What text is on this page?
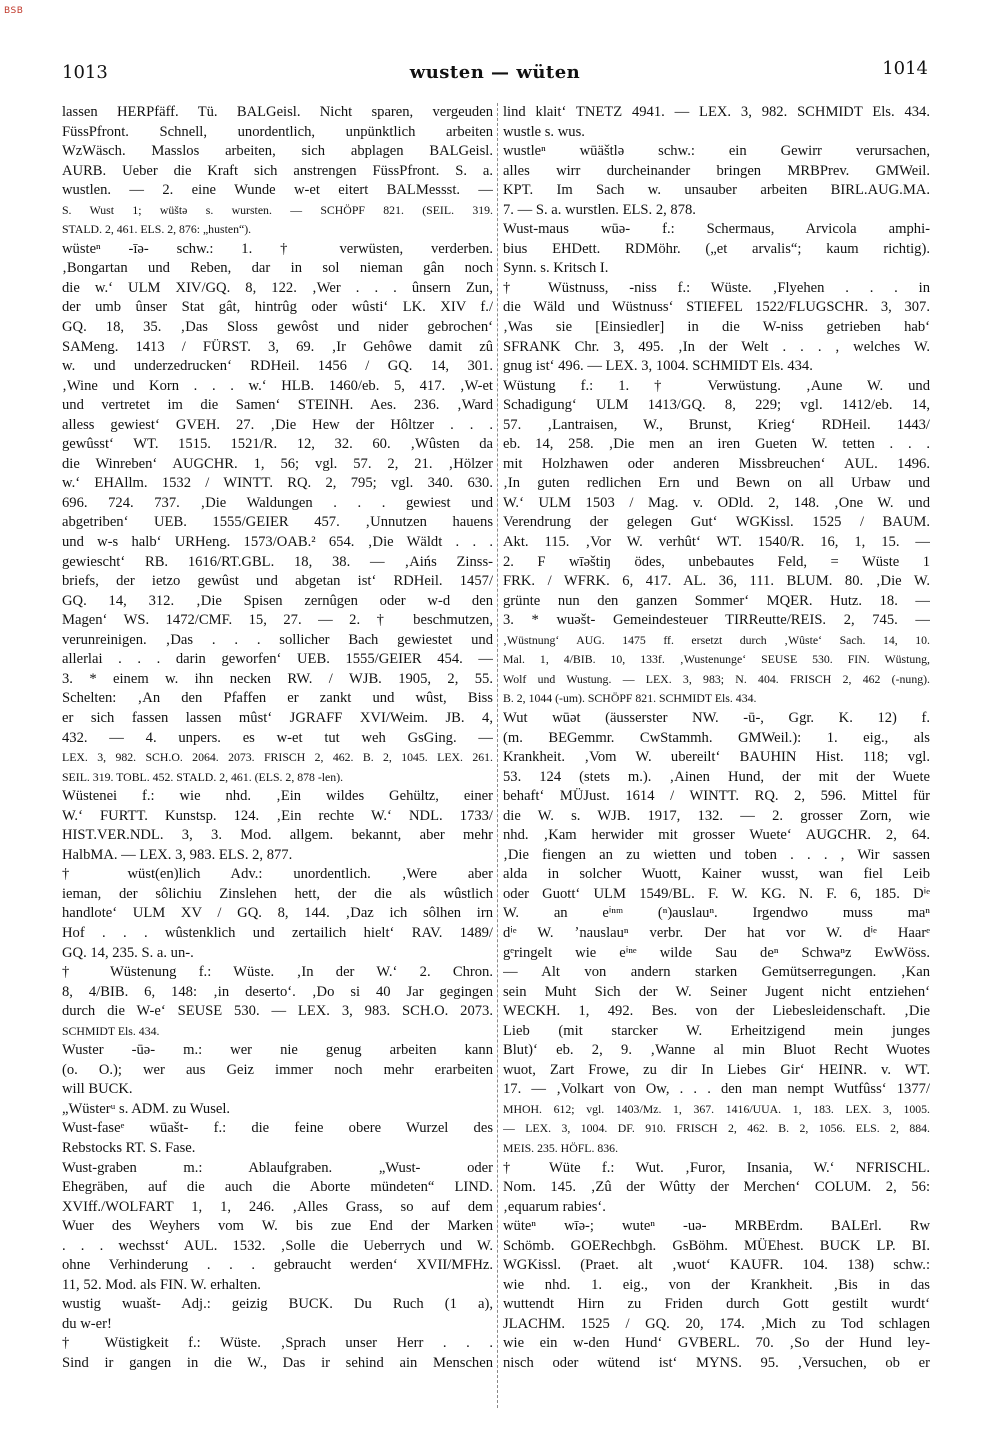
BSB
1013	wusten — wüten	1014
lassen HERPfäff. Tü. BALGeisl. Nicht sparen, vergeuden
FüssPfront. Schnell, unordentlich, unpünktlich arbeiten
WzWäsch. Masslos arbeiten, sich abplagen BALGeisl.
AURB. Ueber die Kraft sich anstrengen FüssPfront. S. a.
wustlen. — 2. eine Wunde w-et eitert BALMessst. —
S. Wust 1; wüštǝ s. wursten. — SCHÖPF 821. (SEIL. 319.
STALD. 2, 461. ELS. 2, 876: „husten“).
wüsteⁿ -īǝ- schw.: 1. † verwüsten, verderben.
‚Bongartan und Reben, dar in sol nieman gân noch
die w.‘ ULM XIV/GQ. 8, 122. ‚Wer . . . ûnsern Zun,
der umb ûnser Stat gât, hintrûg oder wûsti‘ LK. XIV f./
GQ. 18, 35. ‚Das Sloss gewôst und nider gebrochen‘
SAMeng. 1413 / FÜRST. 3, 69. ‚Ir Gehôwe damit zû
w. und underzedrucken‘ RDHeil. 1456 / GQ. 14, 301.
‚Wine und Korn . . . w.‘ HLB. 1460/eb. 5, 417. ‚W-et
und vertretet im die Samen‘ STEINH. Aes. 236. ‚Ward
alless gewiest‘ GVEH. 27. ‚Die Hew der Hôltzer . . .
gewûsst‘ WT. 1515. 1521/R. 12, 32. 60. ‚Wûsten da
die Winreben‘ AUGCHR. 1, 56; vgl. 57. 2, 21. ‚Hölzer
w.‘ EHAllm. 1532 / WINTT. RQ. 2, 795; vgl. 340. 630.
696. 724. 737. ‚Die Waldungen . . . gewiest und
abgetriben‘ UEB. 1555/GEIER 457. ‚Unnutzen hauens
und w-s halb‘ URHeng. 1573/OAB.² 654. ‚Die Wäldt . . .
gewiescht‘ RB. 1616/RT.GBL. 18, 38. — ‚Aińs Zinss-
briefs, der ietzo gewûst und abgetan ist‘ RDHeil. 1457/
GQ. 14, 312. ‚Die Spisen zernûgen oder w-d den
Magen‘ WS. 1472/CMF. 15, 27. — 2. † beschmutzen,
verunreinigen. ‚Das . . . sollicher Bach gewiestet und
allerlai . . . darin geworfen‘ UEB. 1555/GEIER 454. —
3. * einem w. ihn necken RW. / WJB. 1905, 2, 55.
Schelten: ‚An den Pfaffen er zankt und wûst, Biss
er sich fassen lassen mûst‘ JGRAFF XVI/Weim. JB. 4,
432. — 4. unpers. es w-et tut weh GsGing. —
LEX. 3, 982. SCH.O. 2064. 2073. FRISCH 2, 462. B. 2, 1045. LEX. 261.
SEIL. 319. TOBL. 452. STALD. 2, 461. (ELS. 2, 878 -len).
Wüstenei f.: wie nhd. ‚Ein wildes Gehültz, einer
W.‘ FURTT. Kunstsp. 124. ‚Ein rechte W.‘ NDL. 1733/
HIST.VER.NDL. 3, 3. Mod. allgem. bekannt, aber mehr
HalbMA. — LEX. 3, 983. ELS. 2, 877.
† wüst(en)lich Adv.: unordentlich. ‚Were aber
ieman, der sôlichiu Zinslehen hett, der die als wûstlich
handlote‘ ULM XV / GQ. 8, 144. ‚Daz ich sôlhen irn
Hof . . . wûstenklich und zertailich hielt‘ RAV. 1489/
GQ. 14, 235. S. a. un-.
† Wüstenung f.: Wüste. ‚In der W.‘ 2. Chron.
8, 4/BIB. 6, 148: ‚in deserto‘. ‚Do si 40 Jar gegingen
durch die W-e‘ SEUSE 530. — LEX. 3, 983. SCH.O. 2073.
SCHMIDT Els. 434.
Wuster -ūǝ- m.: wer nie genug arbeiten kann
(o. O.); wer aus Geiz immer noch mehr erarbeiten
will BUCK.
„Wüsterᵘ s. ADM. zu Wusel.
Wust-faseᵉ wūašt- f.: die feine obere Wurzel des
Rebstocks RT. S. Fase.
Wust-graben m.: Ablaufgraben. „Wust- oder
Ehegräben, auf die auch die Aborte mündeten“ LIND.
XVIff./WOLFART 1, 1, 246. ‚Alles Grass, so auf dem
Wuer des Weyhers vom W. bis zue End der Marken
. . . wechsst‘ AUL. 1532. ‚Solle die Ueberrych und W.
ohne Verhinderung . . . gebraucht werden‘ XVII/MFHz.
11, 52. Mod. als FIN. W. erhalten.
wustig wuašt- Adj.: geizig BUCK. Du Ruch (1 a),
du w-er!
† Wüstigkeit f.: Wüste. ‚Sprach unser Herr . . .
Sind ir gangen in die W., Das ir sehind ain Menschen
lind klait‘ TNETZ 4941. — LEX. 3, 982. SCHMIDT Els. 434.
wustle s. wus.
wustleⁿ wūäštlǝ schw.: ein Gewirr verursachen,
alles wirr durcheinander bringen MRBPrev. GMWeil.
KPT. Im Sach w. unsauber arbeiten BIRL.AUG.MA.
7. — S. a. wurstlen. ELS. 2, 878.
Wust-maus wūǝ- f.: Schermaus, Arvicola amphi-
bius EHDett. RDMöhr. („et arvalis“; kaum richtig).
Synn. s. Kritsch I.
† Wüstnuss, -niss f.: Wüste. ‚Flyehen . . . in
die Wäld und Wüstnuss‘ STIEFEL 1522/FLUGSCHR. 3, 307.
‚Was sie [Einsiedler] in die W-niss getrieben hab‘
SFRANK Chr. 3, 495. ‚In der Welt . . . , welches W.
gnug ist‘ 496. — LEX. 3, 1004. SCHMIDT Els. 434.
Wüstung f.: 1. † Verwüstung. ‚Aune W. und
Schadigung‘ ULM 1413/GQ. 8, 229; vgl. 1412/eb. 14,
57. ‚Lantraisen, W., Brunst, Krieg‘ RDHeil. 1443/
eb. 14, 258. ‚Die men an iren Gueten W. tetten . . .
mit Holzhawen oder anderen Missbreuchen‘ AUL. 1496.
‚In guten redlichen Ern und Bewn on all Urbaw und
W.‘ ULM 1503 / Mag. v. ODld. 2, 148. ‚One W. und
Verendrung der gelegen Gut‘ WGKissl. 1525 / BAUM.
Akt. 115. ‚Vor W. verhût‘ WT. 1540/R. 16, 1, 15. —
2. F wīǝštiŋ ödes, unbebautes Feld, = Wüste 1
FRK. / WFRK. 6, 417. AL. 36, 111. BLUM. 80. ‚Die W.
grünte nun den ganzen Sommer‘ MQER. Hutz. 18. —
3. * wuǝšt- Gemeindesteuer TIRReutte/REIS. 2, 745. —
‚Wüstnung‘ AUG. 1475 ff. ersetzt durch ‚Wûste‘ Sach. 14, 10.
Mal. 1, 4/BIB. 10, 133f. ‚Wustenunge‘ SEUSE 530. FIN. Wüstung,
Wolf und Wustung. — LEX. 3, 983; N. 404. FRISCH 2, 462 (-nung).
B. 2, 1044 (-um). SCHÖPF 821. SCHMIDT Els. 434.
Wut wūǝt (äusserster NW. -ū-, Ggr. K. 12) f.
(m. BEGemmr. CwStammh. GMWeil.): 1. eig., als
Krankheit. ‚Vom W. ubereilt‘ BAUHIN Hist. 118; vgl.
53. 124 (stets m.). ‚Ainen Hund, der mit der Wuete
behaft‘ MÜJust. 1614 / WINTT. RQ. 2, 596. Mittel für
die W. s. WJB. 1917, 132. — 2. grosser Zorn, wie
nhd. ‚Kam herwider mit grosser Wuete‘ AUGCHR. 2, 64.
‚Die fiengen an zu wietten und toben . . . , Wir sassen
alda in solcher Wuott, Kainer wusst, wan fiel Leib
oder Guott‘ ULM 1549/BL. F. W. KG. N. F. 6, 185. Dⁱᵉ
W. an eⁱⁿᵐ (ⁿ)auslauⁿ. Irgendwo muss maⁿ
dⁱᵉ W. ʼnauslauⁿ verbr. Der hat vor W. dⁱᵉ Haarᵉ
gᵉringelt wie eⁱⁿᵉ wilde Sau deⁿ Schwaⁿz EwWöss.
— Alt von andern starken Gemütserregungen. ‚Kan
sein Muht Sich der W. Seiner Jugent nicht entziehen‘
WECKH. 1, 492. Bes. von der Liebesleidenschaft. ‚Die
Lieb (mit starcker W. Erheitzigend mein junges
Blut)‘ eb. 2, 9. ‚Wanne al min Bluot Recht Wuotes
wuot, Zart Frowe, zu dir In Liebes Gir‘ HEINR. v. WT.
17. — ‚Volkart von Ow, . . . den man nempt Wutfûss‘ 1377/
MHOH. 612; vgl. 1403/Mz. 1, 367. 1416/UUA. 1, 183. LEX. 3, 1005.
— LEX. 3, 1004. DF. 910. FRISCH 2, 462. B. 2, 1056. ELS. 2, 884.
MEIS. 235. HÖFL. 836.
† Wüte f.: Wut. ‚Furor, Insania, W.‘ NFRISCHL.
Nom. 145. ‚Zû der Wûtty der Merchen‘ COLUM. 2, 56:
‚equarum rabies‘.
wüteⁿ wīǝ-; wuteⁿ -uǝ- MRBErdm. BALErl. Rw
Schömb. GOERechbgh. GsBöhm. MÜEhest. BUCK LP. BI.
WGKissl. (Praet. alt ‚wuot‘ KAUFR. 104. 138) schw.:
wie nhd. 1. eig., von der Krankheit. ‚Bis in das
wuttendt Hirn zu Friden durch Gott gestilt wurdt‘
JLACHM. 1525 / GQ. 20, 174. ‚Mich zu Tod schlagen
wie ein w-den Hund‘ GVBERL. 70. ‚So der Hund ley-
nisch oder wütend ist‘ MYNS. 95. ‚Versuchen, ob er
